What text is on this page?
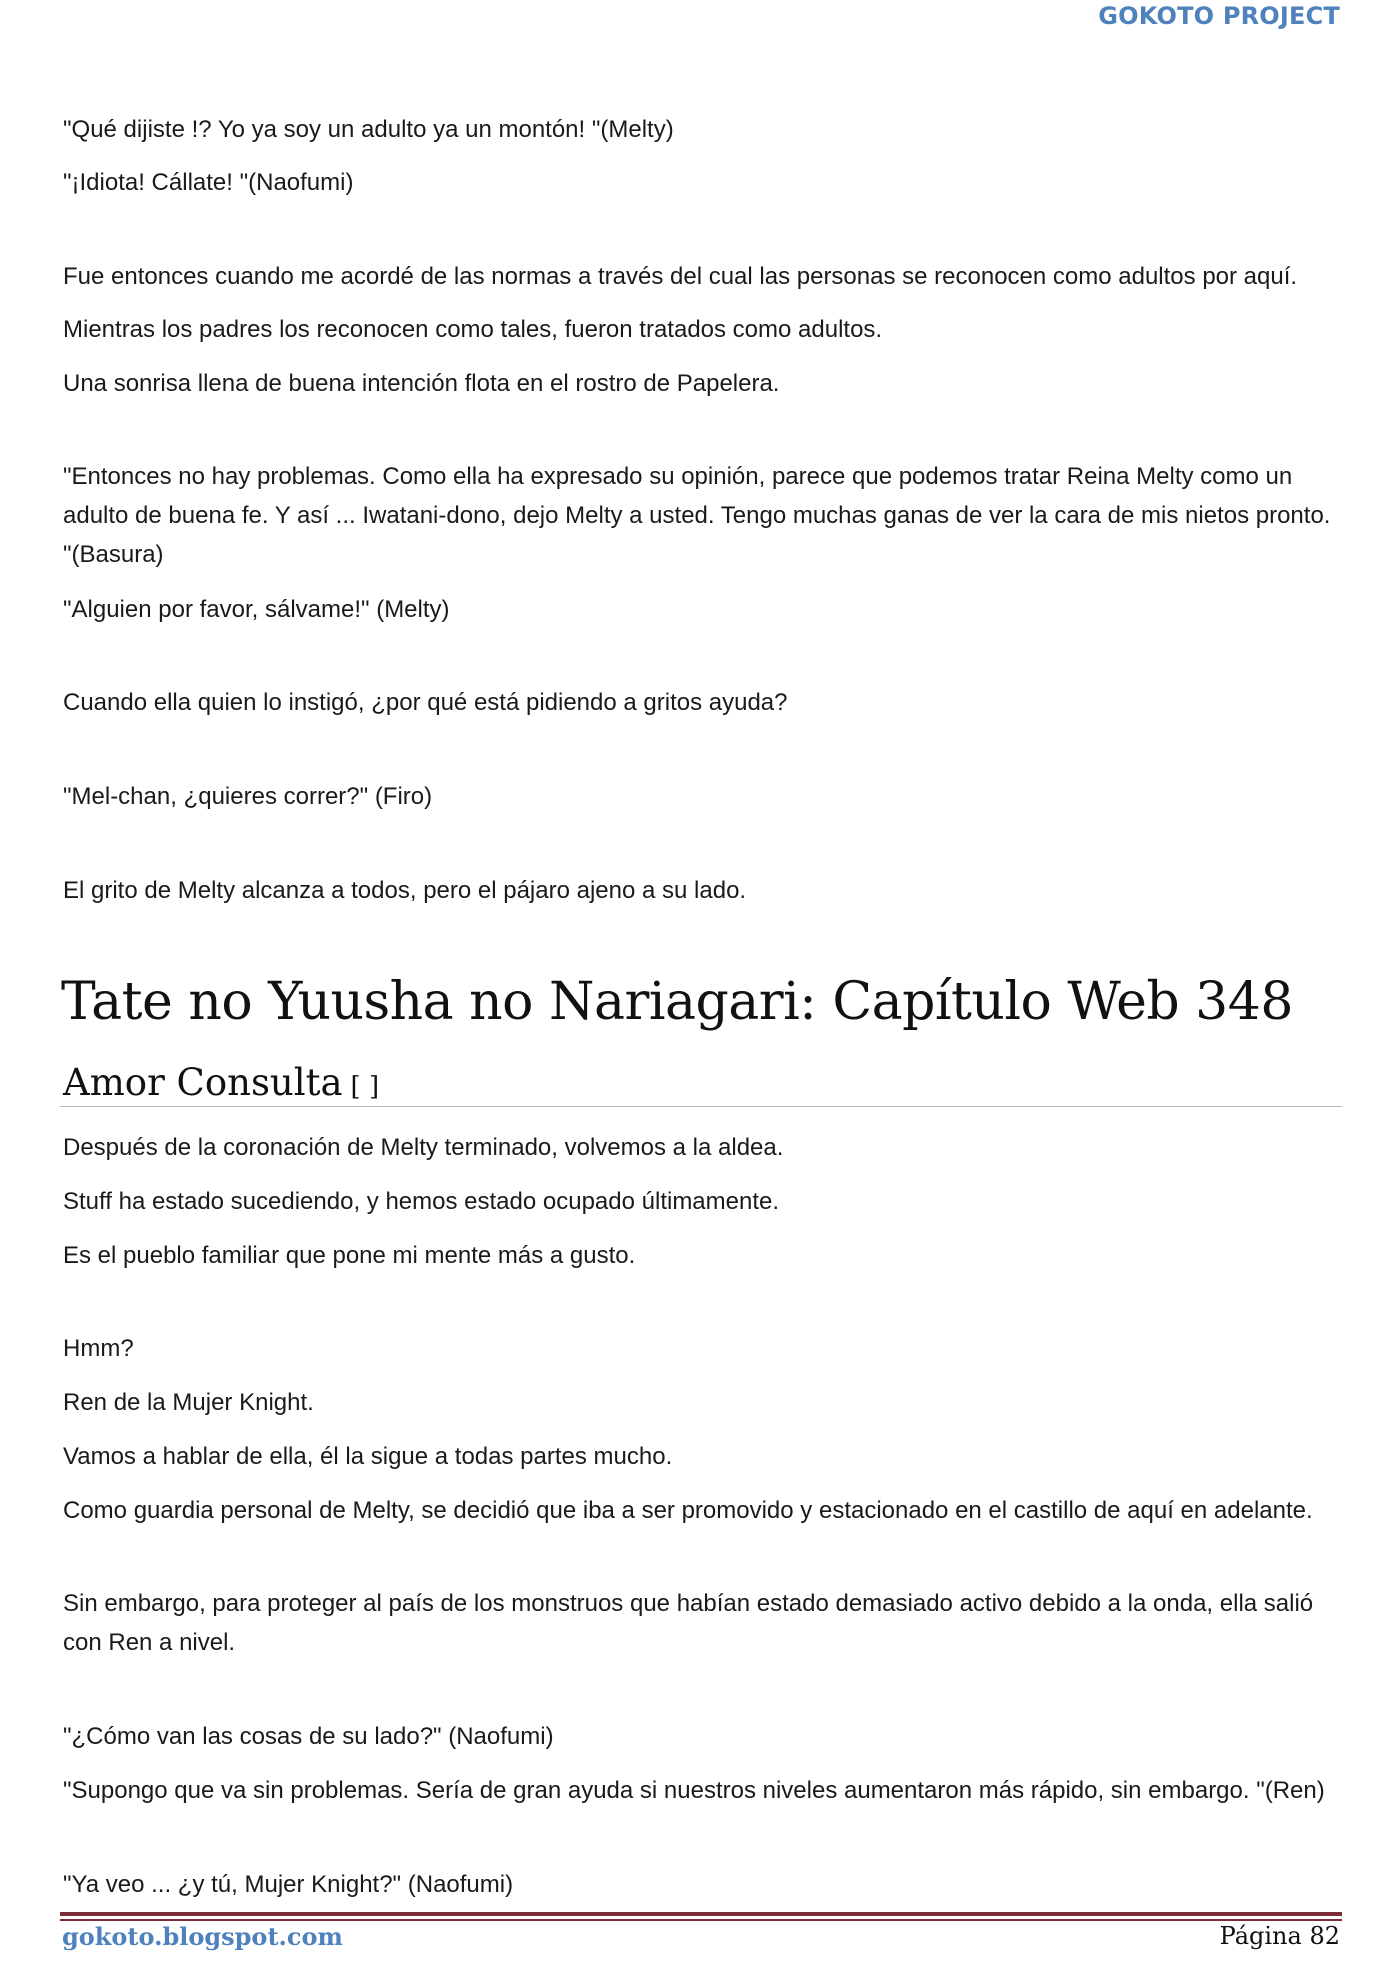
GOKOTO PROJECT

"Qué dijiste !? Yo ya soy un adulto ya un montón! "(Melty)

"¡Idiota! Cállate! "(Naofumi)

Fue entonces cuando me acordé de las normas a través del cual las personas se reconocen como adultos por aquí.

Mientras los padres los reconocen como tales, fueron tratados como adultos.

Una sonrisa llena de buena intención flota en el rostro de Papelera.

"Entonces no hay problemas. Como ella ha expresado su opinión, parece que podemos tratar Reina Melty como un adulto de buena fe. Y así ... Iwatani-dono, dejo Melty a usted. Tengo muchas ganas de ver la cara de mis nietos pronto. "(Basura)

"Alguien por favor, sálvame!" (Melty)

Cuando ella quien lo instigó, ¿por qué está pidiendo a gritos ayuda?

"Mel-chan, ¿quieres correr?" (Firo)

El grito de Melty alcanza a todos, pero el pájaro ajeno a su lado.

Tate no Yuusha no Nariagari: Capítulo Web 348
Amor Consulta [ ]

Después de la coronación de Melty terminado, volvemos a la aldea.

Stuff ha estado sucediendo, y hemos estado ocupado últimamente.

Es el pueblo familiar que pone mi mente más a gusto.

Hmm?

Ren de la Mujer Knight.

Vamos a hablar de ella, él la sigue a todas partes mucho.

Como guardia personal de Melty, se decidió que iba a ser promovido y estacionado en el castillo de aquí en adelante.

Sin embargo, para proteger al país de los monstruos que habían estado demasiado activo debido a la onda, ella salió con Ren a nivel.

"¿Cómo van las cosas de su lado?" (Naofumi)

"Supongo que va sin problemas. Sería de gran ayuda si nuestros niveles aumentaron más rápido, sin embargo. "(Ren)

"Ya veo ... ¿y tú, Mujer Knight?" (Naofumi)

gokoto.blogspot.com	Página 82
